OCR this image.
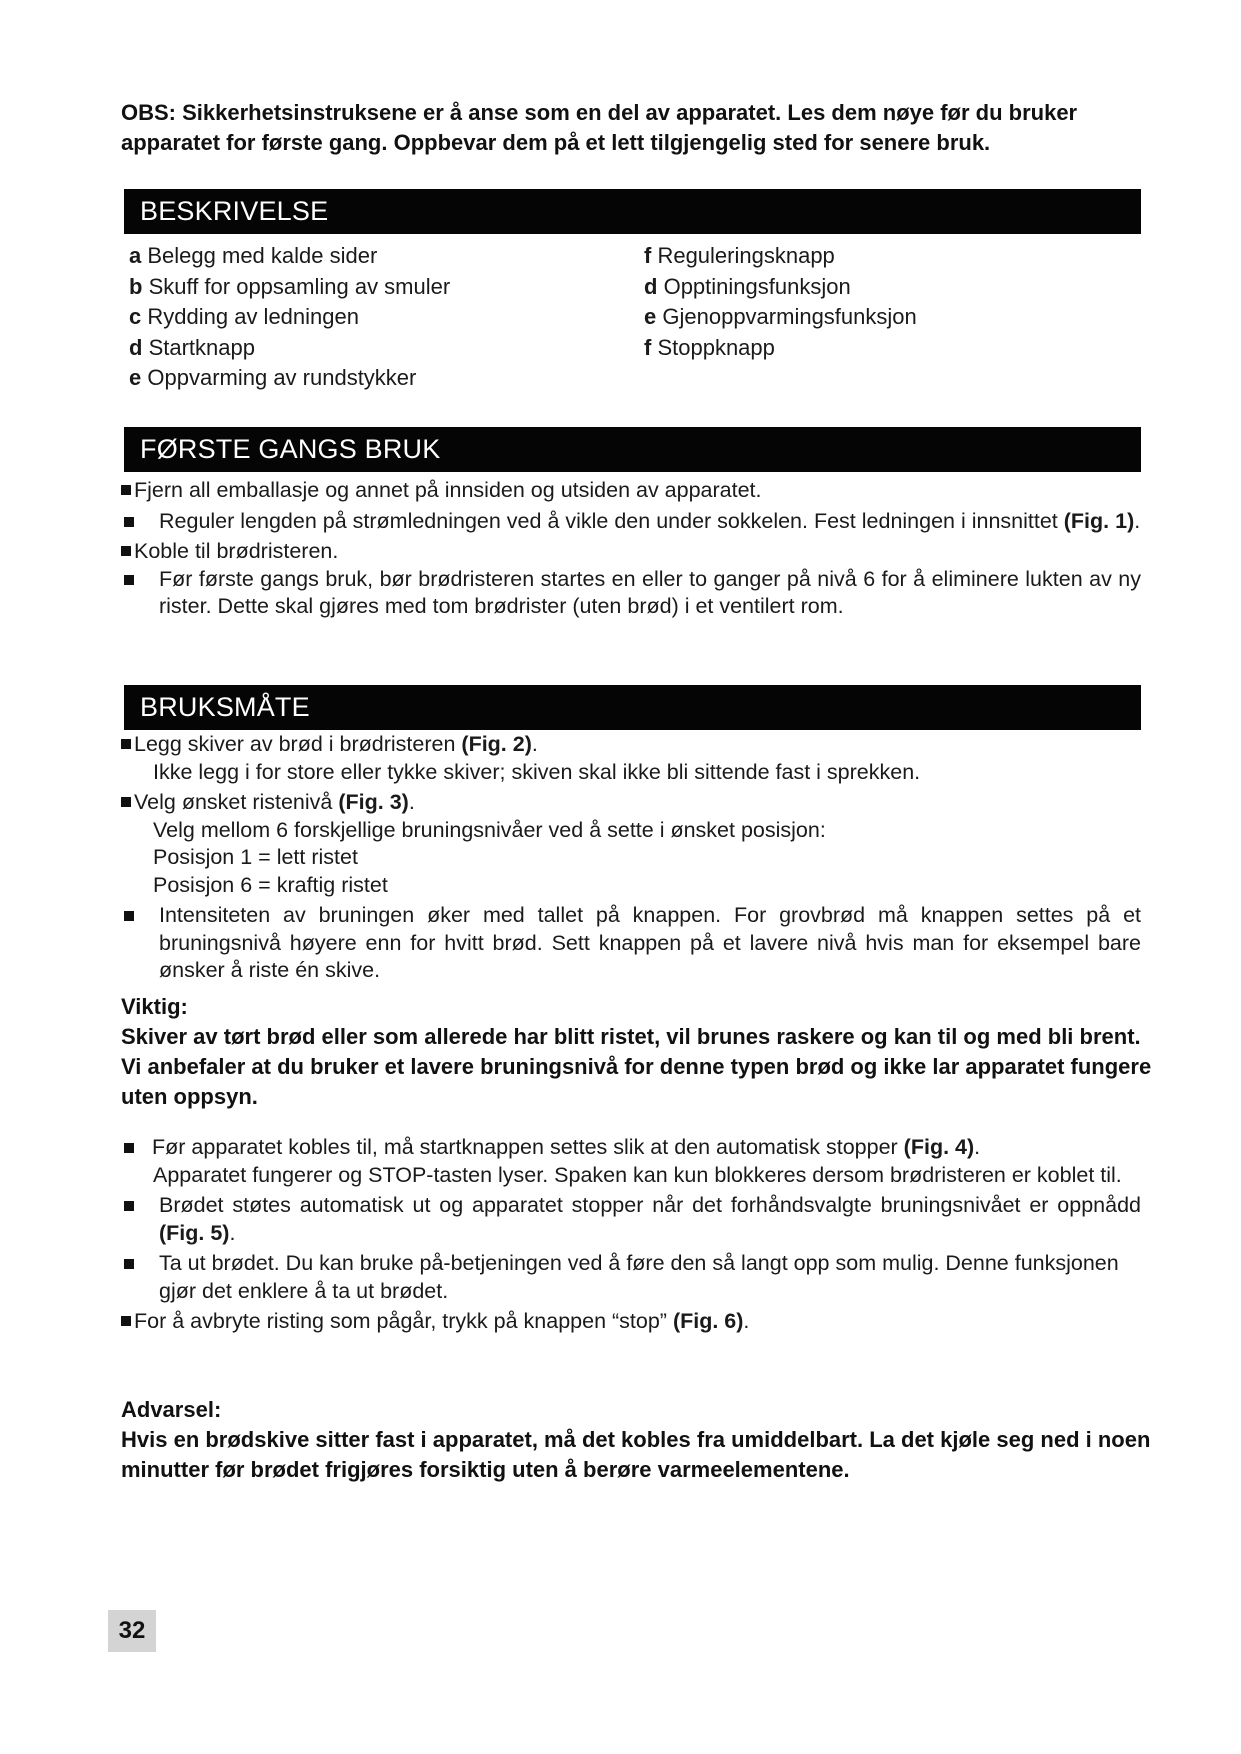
OBS: Sikkerhetsinstruksene er å anse som en del av apparatet. Les dem nøye før du bruker apparatet for første gang. Oppbevar dem på et lett tilgjengelig sted for senere bruk.
BESKRIVELSE
a Belegg med kalde sider
b Skuff for oppsamling av smuler
c Rydding av ledningen
d Startknapp
e Oppvarming av rundstykker
f Reguleringsknapp
d Opptiningsfunksjon
e Gjenoppvarmingsfunksjon
f Stoppknapp
FØRSTE GANGS BRUK

Fjern all emballasje og annet på innsiden og utsiden av apparatet.

Reguler lengden på strømledningen ved å vikle den under sokkelen. Fest ledningen i innsnittet (Fig. 1).

Koble til brødristeren.

Før første gangs bruk, bør brødristeren startes en eller to ganger på nivå 6 for å eliminere lukten av ny rister. Dette skal gjøres med tom brødrister (uten brød) i et ventilert rom.

BRUKSMÅTE

Legg skiver av brød i brødristeren (Fig. 2).

Ikke legg i for store eller tykke skiver; skiven skal ikke bli sittende fast i sprekken.

Velg ønsket ristenivå (Fig. 3).

Velg mellom 6 forskjellige bruningsnivåer ved å sette i ønsket posisjon:

Posisjon 1 = lett ristet

Posisjon 6 = kraftig ristet

Intensiteten av bruningen øker med tallet på knappen. For grovbrød må knappen settes på et bruningsnivå høyere enn for hvitt brød. Sett knappen på et lavere nivå hvis man for eksempel bare ønsker å riste én skive.

Viktig:
Skiver av tørt brød eller som allerede har blitt ristet, vil brunes raskere og kan til og med bli brent. Vi anbefaler at du bruker et lavere bruningsnivå for denne typen brød og ikke lar apparatet fungere uten oppsyn.

Før apparatet kobles til, må startknappen settes slik at den automatisk stopper (Fig. 4).

Apparatet fungerer og STOP-tasten lyser. Spaken kan kun blokkeres dersom brødristeren er koblet til.

Brødet støtes automatisk ut og apparatet stopper når det forhåndsvalgte bruningsnivået er oppnådd (Fig. 5).

Ta ut brødet. Du kan bruke på-betjeningen ved å føre den så langt opp som mulig. Denne funksjonen gjør det enklere å ta ut brødet.

For å avbryte risting som pågår, trykk på knappen “stop” (Fig. 6).

Advarsel:
Hvis en brødskive sitter fast i apparatet, må det kobles fra umiddelbart. La det kjøle seg ned i noen minutter før brødet frigjøres forsiktig uten å berøre varmeelementene.
32
